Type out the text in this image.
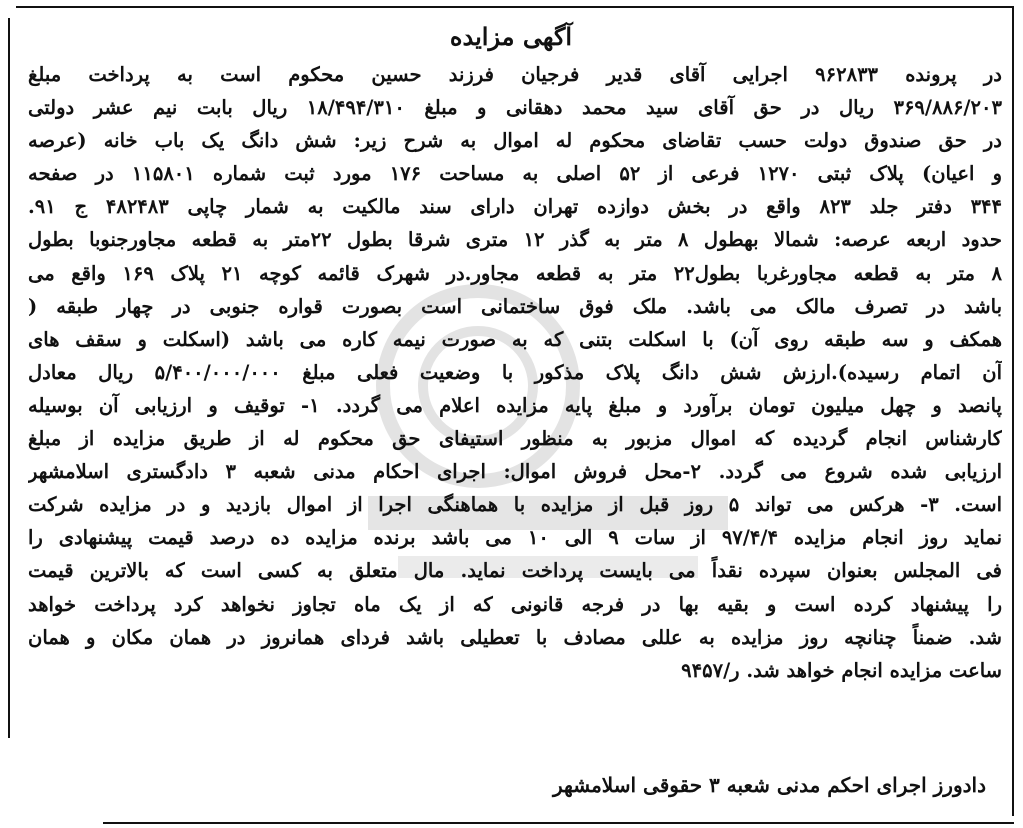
آگهی مزایده
در پرونده ۹۶۲۸۳۳ اجرایی آقای قدیر فرجیان فرزند حسین محکوم است به پرداخت مبلغ
۳۶۹/۸۸۶/۲۰۳ ریال در حق آقای سید محمد دهقانی و مبلغ ۱۸/۴۹۴/۳۱۰ ریال بابت نیم عشر دولتی
در حق صندوق دولت حسب تقاضای محکوم له اموال به شرح زیر: شش دانگ یک باب خانه (عرصه
و اعیان) پلاک ثبتی ۱۲۷۰ فرعی از ۵۲ اصلی به مساحت ۱۷۶ مورد ثبت شماره ۱۱۵۸۰۱ در صفحه
۳۴۴ دفتر جلد ۸۲۳ واقع در بخش دوازده تهران دارای سند مالکیت به شمار چاپی ۴۸۲۴۸۳ ج ۹۱.
حدود اربعه عرصه: شمالا بهطول ۸ متر به گذر ۱۲ متری شرقا بطول ۲۲متر به قطعه مجاورجنوبا بطول
۸ متر به قطعه مجاورغربا بطول۲۲ متر به قطعه مجاور.در شهرک قائمه کوچه ۲۱ پلاک ۱۶۹ واقع می
باشد در تصرف مالک می باشد. ملک فوق ساختمانی است بصورت قواره جنوبی در چهار طبقه (
همکف و سه طبقه روی آن) با اسکلت بتنی که به صورت نیمه کاره می باشد (اسکلت و سقف های
آن اتمام رسیده).ارزش شش دانگ پلاک مذکور با وضعیت فعلی مبلغ ۵/۴۰۰/۰۰۰/۰۰۰ ریال معادل
پانصد و چهل میلیون تومان برآورد و مبلغ پایه مزایده اعلام می گردد. ۱- توقیف و ارزیابی آن بوسیله
کارشناس انجام گردیده که اموال مزبور به منظور استیفای حق محکوم له از طریق مزایده از مبلغ
ارزیابی شده شروع می گردد. ۲-محل فروش اموال: اجرای احکام مدنی شعبه ۳ دادگستری اسلامشهر
است. ۳- هرکس می تواند ۵ روز قبل از مزایده با هماهنگی اجرا از اموال بازدید و در مزایده شرکت
نماید روز انجام مزایده ۹۷/۴/۴ از سات ۹ الی ۱۰ می باشد برنده مزایده ده درصد قیمت پیشنهادی را
فی المجلس بعنوان سپرده نقداً می بایست پرداخت نماید. مال متعلق به کسی است که بالاترین قیمت
را پیشنهاد کرده است و بقیه بها در فرجه قانونی که از یک ماه تجاوز نخواهد کرد پرداخت خواهد
شد. ضمناً چنانچه روز مزایده به عللی مصادف با تعطیلی باشد فردای همانروز در همان مکان و همان
ساعت مزایده انجام خواهد شد. ر/۹۴۵۷
دادورز اجرای احکم مدنی شعبه ۳ حقوقی اسلامشهر
